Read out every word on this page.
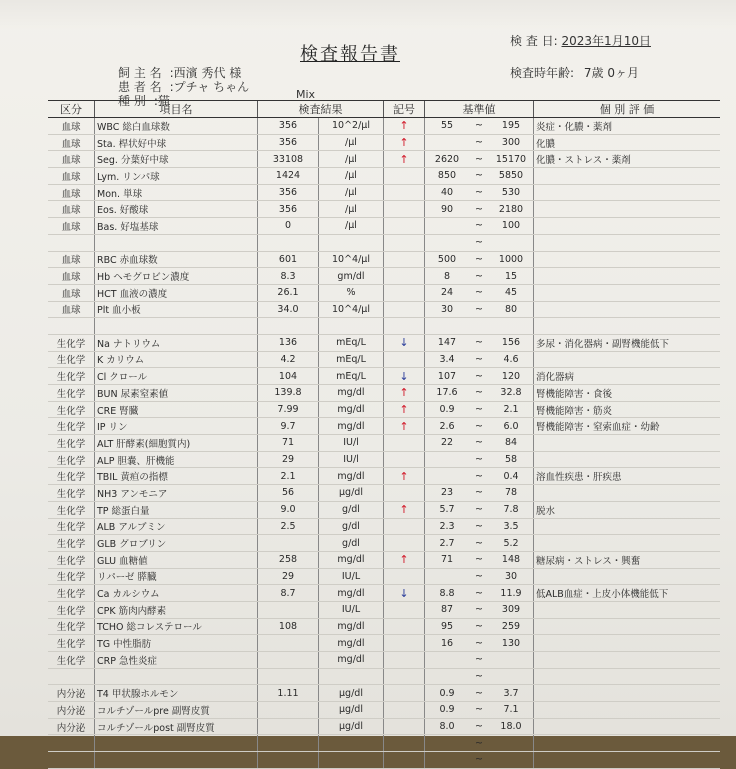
検査報告書
飼 主 名 :西濱 秀代 様
患 者 名 :プチャ ちゃん
種 別 :猫	Mix
検 査 日: 2023年1月10日
検査時年齢: 7歳 0ヶ月
区分	項目名	検査結果		記号	基準値			個 別 評 価
血球	WBC 総白血球数	356	10^2/μl	↑	55	~	195	炎症・化膿・薬剤
血球	Sta. 桿状好中球	356	/μl	↑		~	300	化膿
血球	Seg. 分葉好中球	33108	/μl	↑	2620	~	15170	化膿・ストレス・薬剤
血球	Lym. リンパ球	1424	/μl		850	~	5850	
血球	Mon. 単球	356	/μl		40	~	530	
血球	Eos. 好酸球	356	/μl		90	~	2180	
血球	Bas. 好塩基球	0	/μl			~	100	
						~		
血球	RBC 赤血球数	601	10^4/μl		500	~	1000	
血球	Hb ヘモグロビン濃度	8.3	gm/dl		8	~	15	
血球	HCT 血液の濃度	26.1	%		24	~	45	
血球	Plt 血小板	34.0	10^4/μl		30	~	80	

生化学	Na ナトリウム	136	mEq/L	↓	147	~	156	多尿・消化器病・副腎機能低下
生化学	K カリウム	4.2	mEq/L		3.4	~	4.6	
生化学	Cl クロール	104	mEq/L	↓	107	~	120	消化器病
生化学	BUN 尿素窒素値	139.8	mg/dl	↑	17.6	~	32.8	腎機能障害・食後
生化学	CRE 腎臓	7.99	mg/dl	↑	0.9	~	2.1	腎機能障害・筋炎
生化学	IP リン	9.7	mg/dl	↑	2.6	~	6.0	腎機能障害・窒索血症・幼齢
生化学	ALT 肝酵素(細胞質内)	71	IU/l		22	~	84	
生化学	ALP 胆嚢、肝機能	29	IU/l			~	58	
生化学	TBIL 黄疸の指標	2.1	mg/dl	↑		~	0.4	溶血性疾患・肝疾患
生化学	NH3 アンモニア	56	μg/dl		23	~	78	
生化学	TP 総蛋白量	9.0	g/dl	↑	5.7	~	7.8	脱水
生化学	ALB アルブミン	2.5	g/dl		2.3	~	3.5	
生化学	GLB グロブリン		g/dl		2.7	~	5.2	
生化学	GLU 血糖値	258	mg/dl	↑	71	~	148	糖尿病・ストレス・興奮
生化学	リパーゼ 膵臓	29	IU/L			~	30	
生化学	Ca カルシウム	8.7	mg/dl	↓	8.8	~	11.9	低ALB血症・上皮小体機能低下
生化学	CPK 筋肉内酵素		IU/L		87	~	309	
生化学	TCHO 総コレステロール	108	mg/dl		95	~	259	
生化学	TG 中性脂肪		mg/dl		16	~	130	
生化学	CRP 急性炎症		mg/dl			~		
						~		
内分泌	T4 甲状腺ホルモン	1.11	μg/dl		0.9	~	3.7	
内分泌	コルチゾールpre 副腎皮質		μg/dl		0.9	~	7.1	
内分泌	コルチゾールpost 副腎皮質		μg/dl		8.0	~	18.0	
						~		
						~		
